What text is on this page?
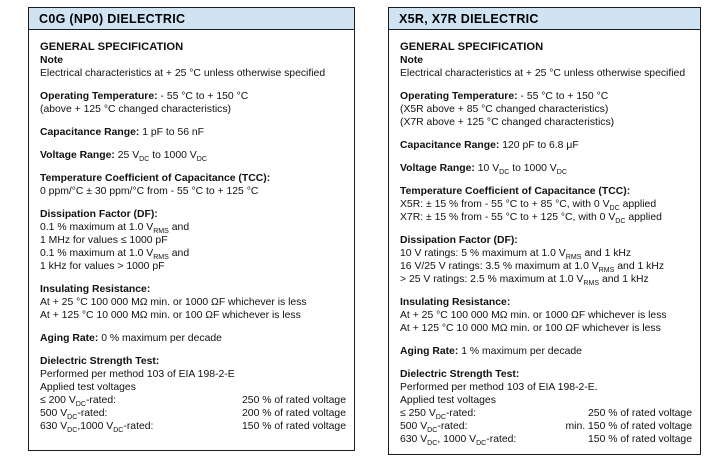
C0G (NP0) DIELECTRIC
GENERAL SPECIFICATION
Note
Electrical characteristics at + 25 °C unless otherwise specified
Operating Temperature: - 55 °C to + 150 °C
(above + 125 °C changed characteristics)
Capacitance Range: 1 pF to 56 nF
Voltage Range: 25 $V_{DC}$ to 1000 $V_{DC}$
Temperature Coefficient of Capacitance (TCC):
0 ppm/°C ± 30 ppm/°C from - 55 °C to + 125 °C
Dissipation Factor (DF):
0.1 % maximum at 1.0 $V_{RMS}$ and
1 MHz for values ≤ 1000 pF
0.1 % maximum at 1.0 $V_{RMS}$ and
1 kHz for values > 1000 pF
Insulating Resistance:
At + 25 °C 100 000 MΩ min. or 1000 ΩF whichever is less
At + 125 °C 10 000 MΩ min. or 100 ΩF whichever is less
Aging Rate: 0 % maximum per decade
Dielectric Strength Test:
Performed per method 103 of EIA 198-2-E
Applied test voltages
≤ 200 $V_{DC}$-rated:	250 % of rated voltage
500 $V_{DC}$-rated:	200 % of rated voltage
630 $V_{DC},1000$ $V_{DC}$-rated:	150 % of rated voltage
X5R, X7R DIELECTRIC
GENERAL SPECIFICATION
Note
Electrical characteristics at + 25 °C unless otherwise specified
Operating Temperature: - 55 °C to + 150 °C
(X5R above + 85 °C changed characteristics)
(X7R above + 125 °C changed characteristics)
Capacitance Range: 120 pF to 6.8 μF
Voltage Range: 10 $V_{DC}$ to 1000 $V_{DC}$
Temperature Coefficient of Capacitance (TCC):
X5R: ± 15 % from - 55 °C to + 85 °C, with 0 $V_{DC}$ applied
X7R: ± 15 % from - 55 °C to + 125 °C, with 0 $V_{DC}$ applied
Dissipation Factor (DF):
10 V ratings: 5 % maximum at 1.0 $V_{RMS}$ and 1 kHz
16 V/25 V ratings: 3.5 % maximum at 1.0 $V_{RMS}$ and 1 kHz
> 25 V ratings: 2.5 % maximum at 1.0 $V_{RMS}$ and 1 kHz
Insulating Resistance:
At + 25 °C 100 000 MΩ min. or 1000 ΩF whichever is less
At + 125 °C 10 000 MΩ min. or 100 ΩF whichever is less
Aging Rate: 1 % maximum per decade
Dielectric Strength Test:
Performed per method 103 of EIA 198-2-E.
Applied test voltages
≤ 250 $V_{DC}$-rated:	250 % of rated voltage
500 $V_{DC}$-rated:	min. 150 % of rated voltage
630 $V_{DC}$, 1000 $V_{DC}$-rated:	150 % of rated voltage
